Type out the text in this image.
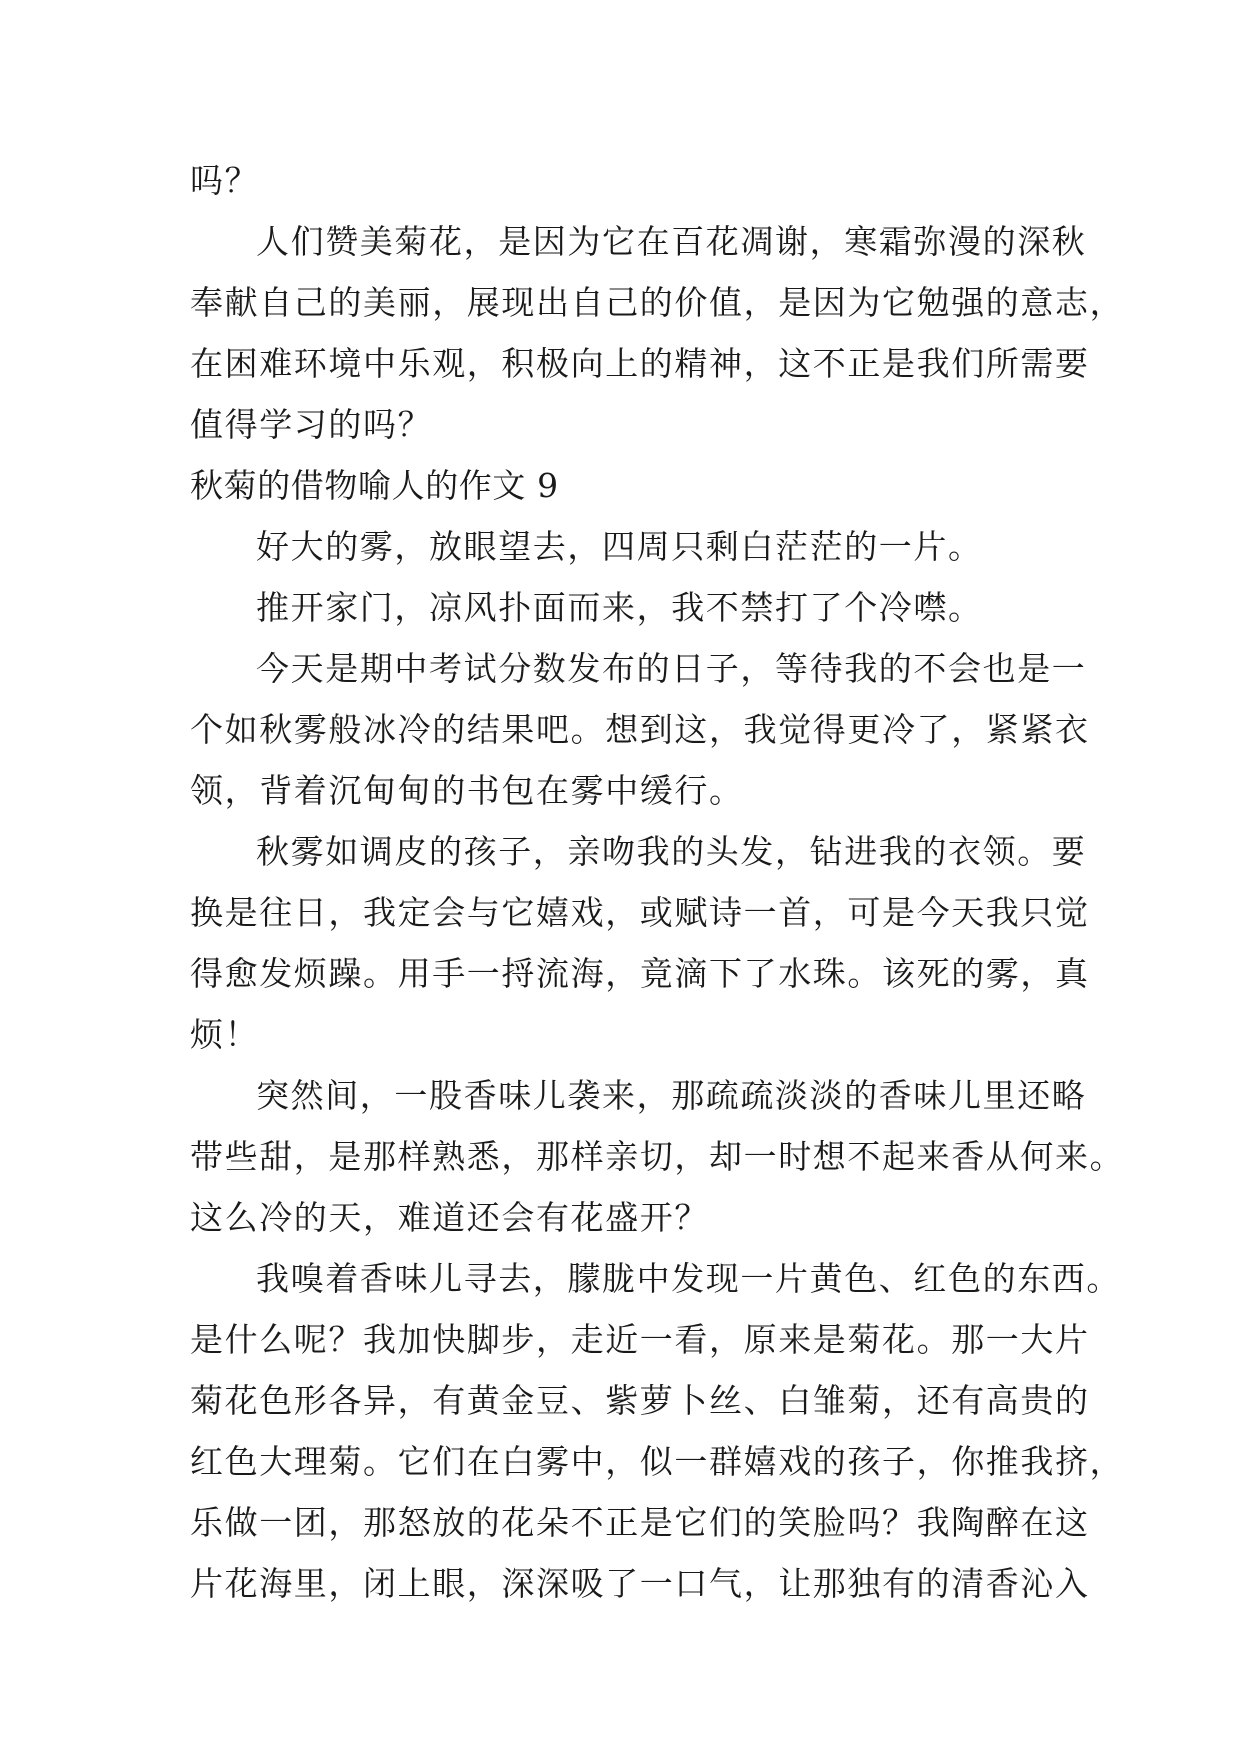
吗？
人们赞美菊花，是因为它在百花凋谢，寒霜弥漫的深秋
奉献自己的美丽，展现出自己的价值，是因为它勉强的意志，
在困难环境中乐观，积极向上的精神，这不正是我们所需要
值得学习的吗？
秋菊的借物喻人的作文 9
好大的雾，放眼望去，四周只剩白茫茫的一片。
推开家门，凉风扑面而来，我不禁打了个冷噤。
今天是期中考试分数发布的日子，等待我的不会也是一
个如秋雾般冰冷的结果吧。想到这，我觉得更冷了，紧紧衣
领，背着沉甸甸的书包在雾中缓行。
秋雾如调皮的孩子，亲吻我的头发，钻进我的衣领。要
换是往日，我定会与它嬉戏，或赋诗一首，可是今天我只觉
得愈发烦躁。用手一捋流海，竟滴下了水珠。该死的雾，真
烦！
突然间，一股香味儿袭来，那疏疏淡淡的香味儿里还略
带些甜，是那样熟悉，那样亲切，却一时想不起来香从何来。
这么冷的天，难道还会有花盛开？
我嗅着香味儿寻去，朦胧中发现一片黄色、红色的东西。
是什么呢？我加快脚步，走近一看，原来是菊花。那一大片
菊花色形各异，有黄金豆、紫萝卜丝、白雏菊，还有高贵的
红色大理菊。它们在白雾中，似一群嬉戏的孩子，你推我挤，
乐做一团，那怒放的花朵不正是它们的笑脸吗？我陶醉在这
片花海里，闭上眼，深深吸了一口气，让那独有的清香沁入
